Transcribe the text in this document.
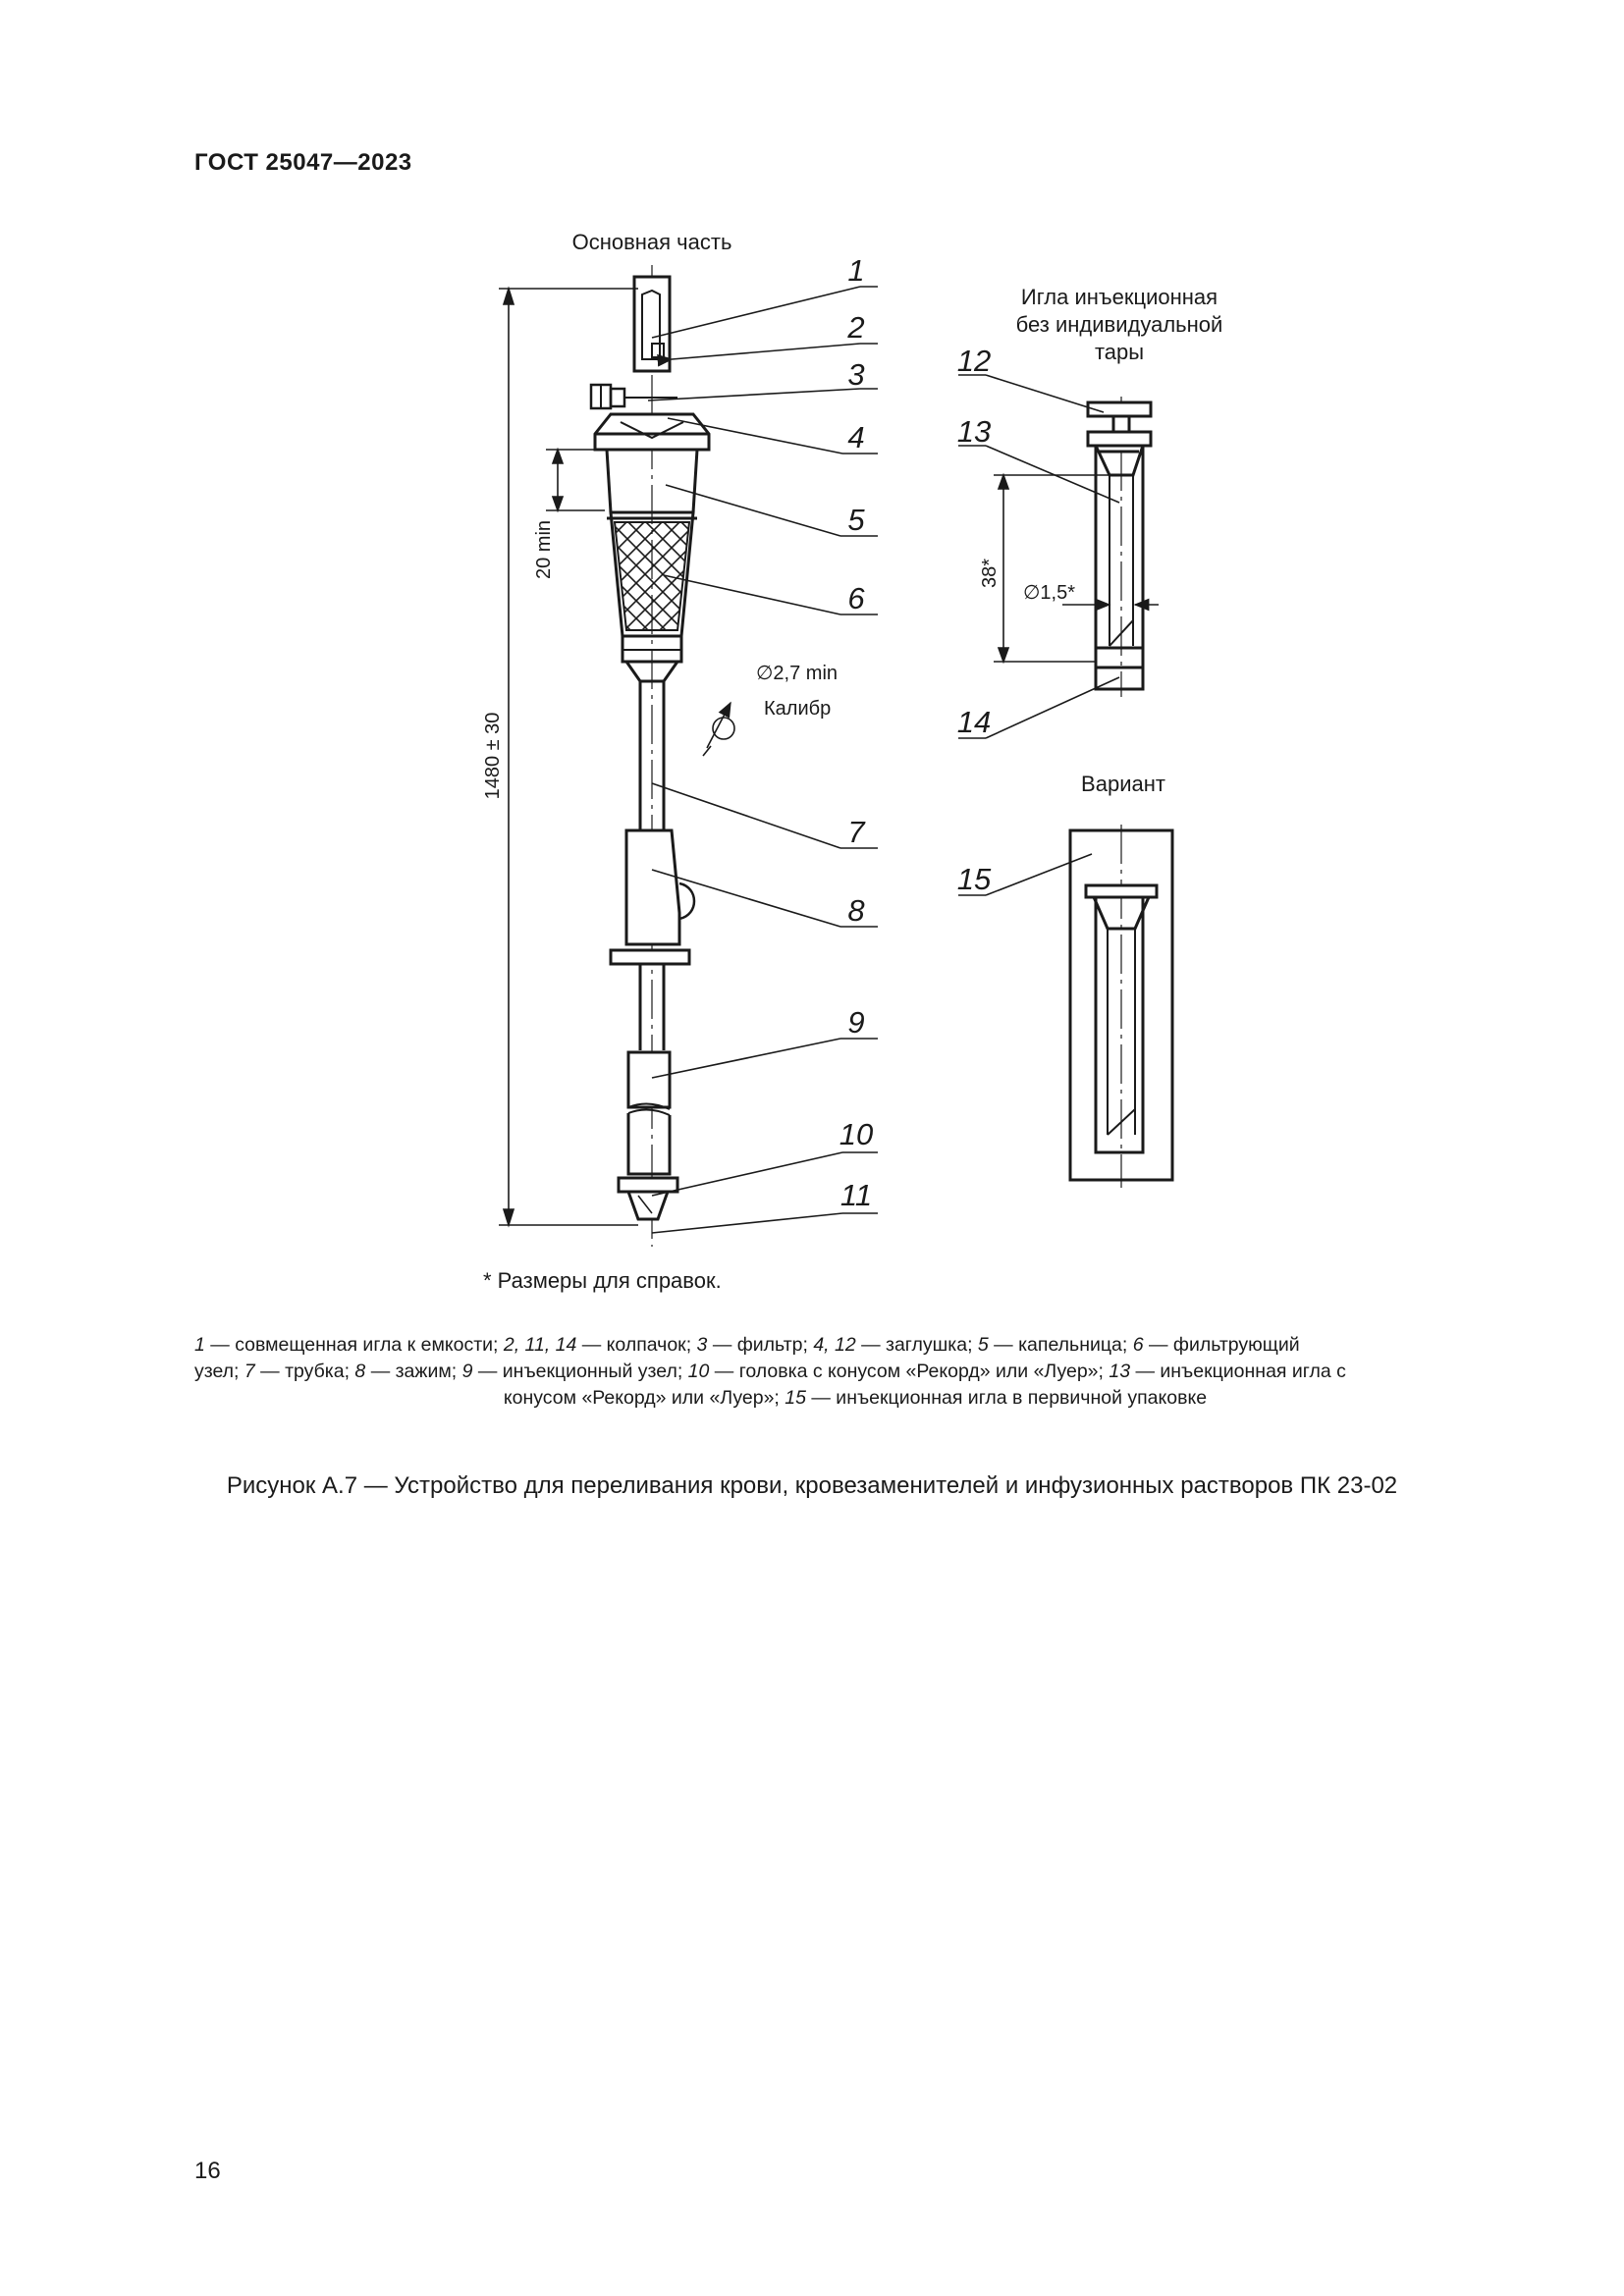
ГОСТ 25047—2023
Основная часть
Игла инъекционная
без индивидуальной
тары
Вариант
1480 ± 30
20 min
∅2,7 min
Калибр
1
2
3
4
5
6
7
8
9
10
11
38*
∅1,5*
12
13
14
15
* Размеры для справок.

1 — совмещенная игла к емкости; 2, 11, 14 — колпачок; 3 — фильтр; 4, 12 — заглушка; 5 — капельница; 6 — фильтрующий

узел; 7 — трубка; 8 — зажим; 9 — инъекционный узел; 10 — головка с конусом «Рекорд» или «Луер»; 13 — инъекционная игла с

конусом «Рекорд» или «Луер»; 15 — инъекционная игла в первичной упаковке

Рисунок А.7 — Устройство для переливания крови, кровезаменителей и инфузионных растворов ПК 23-02
16
